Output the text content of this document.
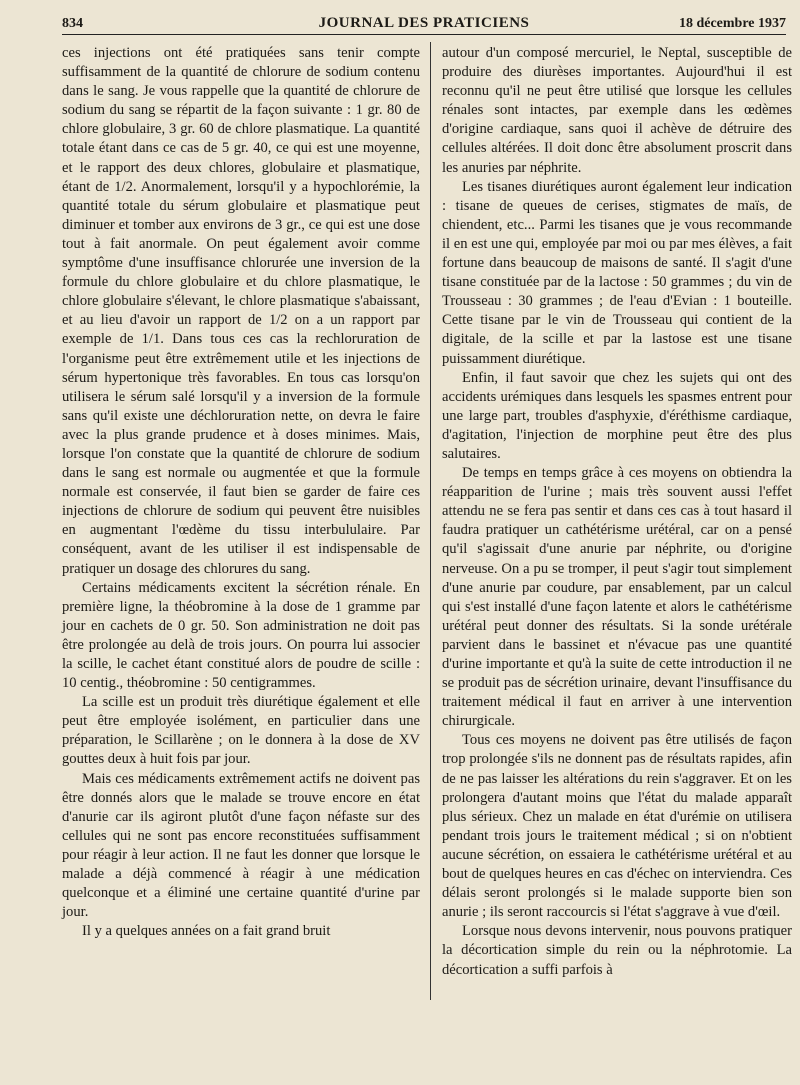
834	JOURNAL DES PRATICIENS	18 décembre 1937

ces injections ont été pratiquées sans tenir compte suffisamment de la quantité de chlorure de sodium contenu dans le sang. Je vous rappelle que la quantité de chlorure de sodium du sang se répartit de la façon suivante : 1 gr. 80 de chlore globulaire, 3 gr. 60 de chlore plasmatique. La quantité totale étant dans ce cas de 5 gr. 40, ce qui est une moyenne, et le rapport des deux chlores, globulaire et plasmatique, étant de 1/2. Anormalement, lorsqu'il y a hypochlorémie, la quantité totale du sérum globulaire et plasmatique peut diminuer et tomber aux environs de 3 gr., ce qui est une dose tout à fait anormale. On peut également avoir comme symptôme d'une insuffisance chlorurée une inversion de la formule du chlore globulaire et du chlore plasmatique, le chlore globulaire s'élevant, le chlore plasmatique s'abaissant, et au lieu d'avoir un rapport de 1/2 on a un rapport par exemple de 1/1. Dans tous ces cas la rechloruration de l'organisme peut être extrêmement utile et les injections de sérum hypertonique très favorables. En tous cas lorsqu'on utilisera le sérum salé lorsqu'il y a inversion de la formule sans qu'il existe une déchloruration nette, on devra le faire avec la plus grande prudence et à doses minimes. Mais, lorsque l'on constate que la quantité de chlorure de sodium dans le sang est normale ou augmentée et que la formule normale est conservée, il faut bien se garder de faire ces injections de chlorure de sodium qui peuvent être nuisibles en augmentant l'œdème du tissu interbululaire. Par conséquent, avant de les utiliser il est indispensable de pratiquer un dosage des chlorures du sang.

Certains médicaments excitent la sécrétion rénale. En première ligne, la théobromine à la dose de 1 gramme par jour en cachets de 0 gr. 50. Son administration ne doit pas être prolongée au delà de trois jours. On pourra lui associer la scille, le cachet étant constitué alors de poudre de scille : 10 centig., théobromine : 50 centigrammes.

La scille est un produit très diurétique également et elle peut être employée isolément, en particulier dans une préparation, le Scillarène ; on le donnera à la dose de XV gouttes deux à huit fois par jour.

Mais ces médicaments extrêmement actifs ne doivent pas être donnés alors que le malade se trouve encore en état d'anurie car ils agiront plutôt d'une façon néfaste sur des cellules qui ne sont pas encore reconstituées suffisamment pour réagir à leur action. Il ne faut les donner que lorsque le malade a déjà commencé à réagir à une médication quelconque et a éliminé une certaine quantité d'urine par jour.

Il y a quelques années on a fait grand bruit

autour d'un composé mercuriel, le Neptal, susceptible de produire des diurèses importantes. Aujourd'hui il est reconnu qu'il ne peut être utilisé que lorsque les cellules rénales sont intactes, par exemple dans les œdèmes d'origine cardiaque, sans quoi il achève de détruire des cellules altérées. Il doit donc être absolument proscrit dans les anuries par néphrite.

Les tisanes diurétiques auront également leur indication : tisane de queues de cerises, stigmates de maïs, de chiendent, etc... Parmi les tisanes que je vous recommande il en est une qui, employée par moi ou par mes élèves, a fait fortune dans beaucoup de maisons de santé. Il s'agit d'une tisane constituée par de la lactose : 50 grammes ; du vin de Trousseau : 30 grammes ; de l'eau d'Evian : 1 bouteille. Cette tisane par le vin de Trousseau qui contient de la digitale, de la scille et par la lastose est une tisane puissamment diurétique.

Enfin, il faut savoir que chez les sujets qui ont des accidents urémiques dans lesquels les spasmes entrent pour une large part, troubles d'asphyxie, d'éréthisme cardiaque, d'agitation, l'injection de morphine peut être des plus salutaires.

De temps en temps grâce à ces moyens on obtiendra la réapparition de l'urine ; mais très souvent aussi l'effet attendu ne se fera pas sentir et dans ces cas à tout hasard il faudra pratiquer un cathétérisme urétéral, car on a pensé qu'il s'agissait d'une anurie par néphrite, ou d'origine nerveuse. On a pu se tromper, il peut s'agir tout simplement d'une anurie par coudure, par ensablement, par un calcul qui s'est installé d'une façon latente et alors le cathétérisme urétéral peut donner des résultats. Si la sonde urétérale parvient dans le bassinet et n'évacue pas une quantité d'urine importante et qu'à la suite de cette introduction il ne se produit pas de sécrétion urinaire, devant l'insuffisance du traitement médical il faut en arriver à une intervention chirurgicale.

Tous ces moyens ne doivent pas être utilisés de façon trop prolongée s'ils ne donnent pas de résultats rapides, afin de ne pas laisser les altérations du rein s'aggraver. Et on les prolongera d'autant moins que l'état du malade apparaît plus sérieux. Chez un malade en état d'urémie on utilisera pendant trois jours le traitement médical ; si on n'obtient aucune sécrétion, on essaiera le cathétérisme urétéral et au bout de quelques heures en cas d'échec on interviendra. Ces délais seront prolongés si le malade supporte bien son anurie ; ils seront raccourcis si l'état s'aggrave à vue d'œil.

Lorsque nous devons intervenir, nous pouvons pratiquer la décortication simple du rein ou la néphrotomie. La décortication a suffi parfois à
